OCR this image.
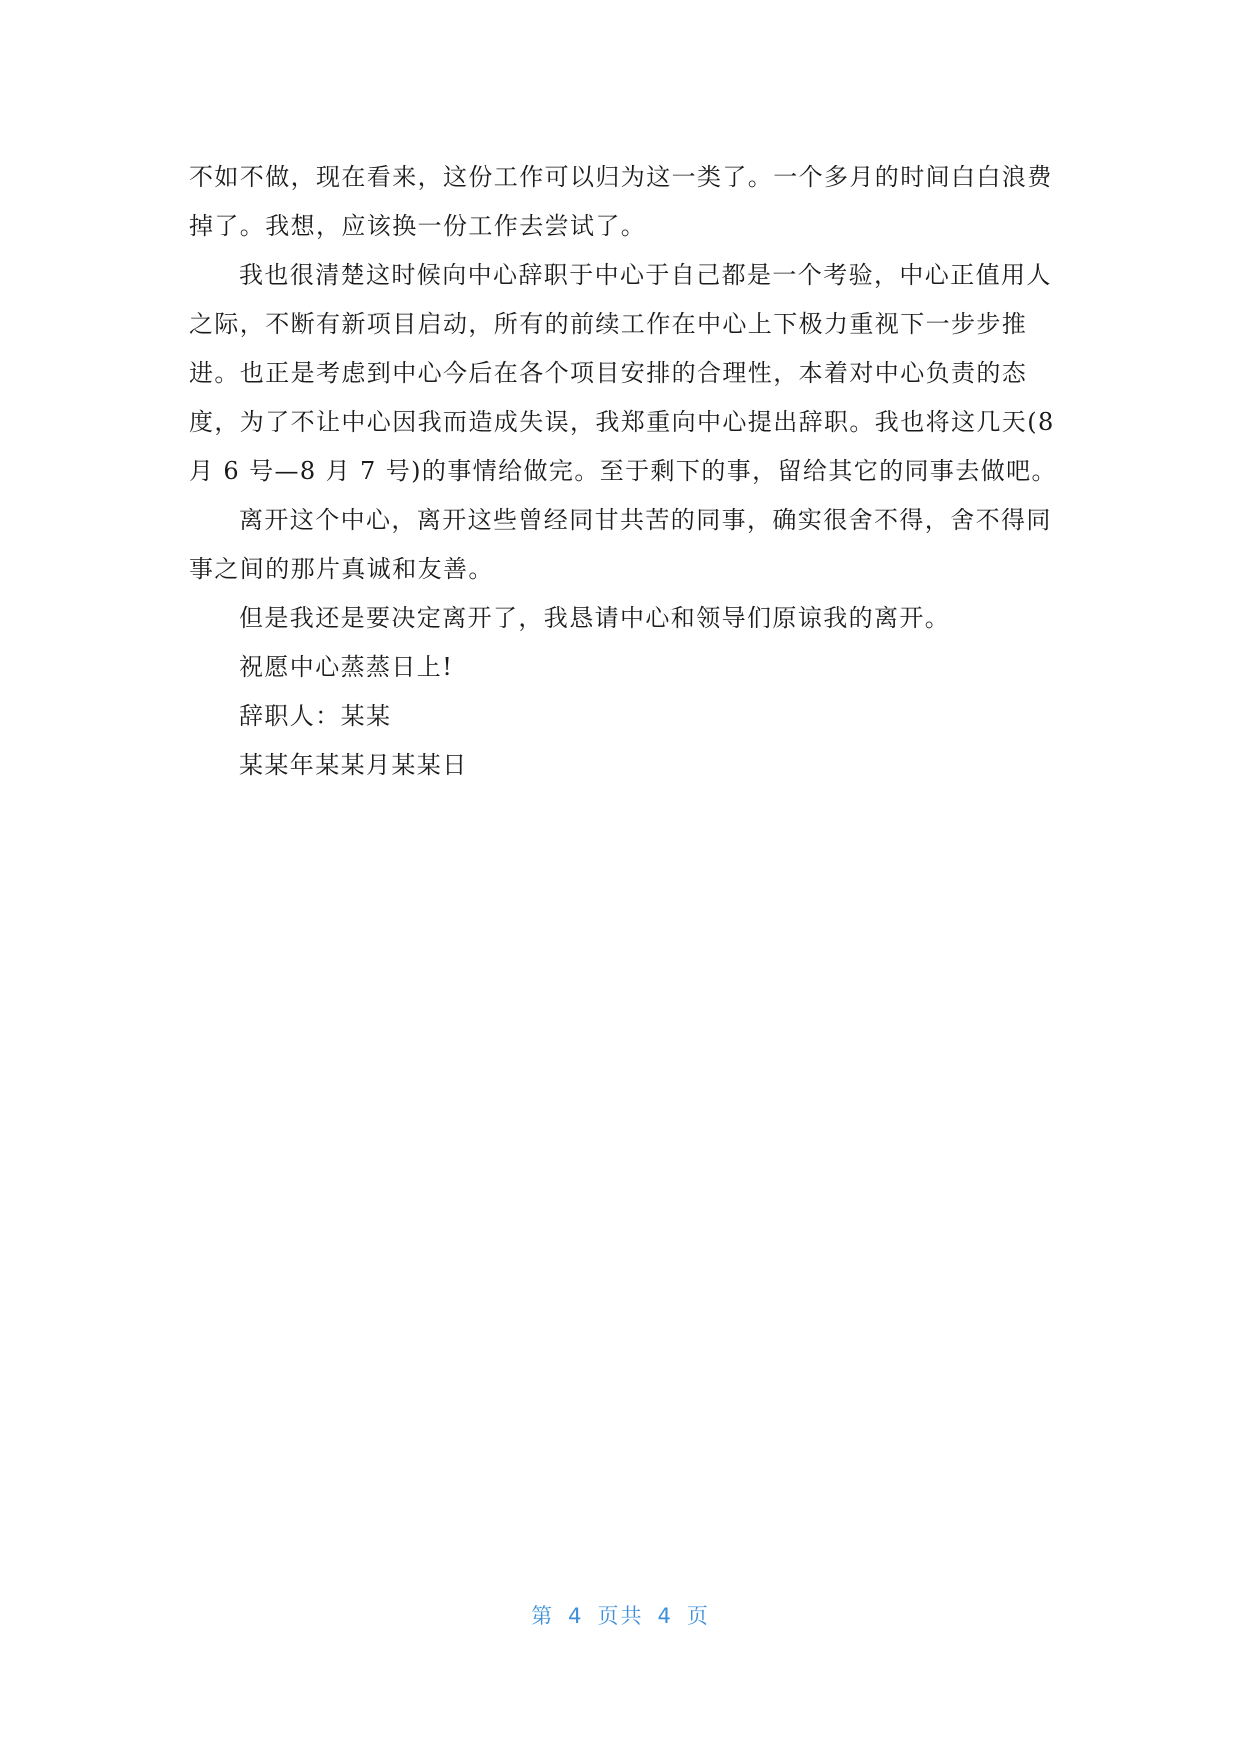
不如不做，现在看来，这份工作可以归为这一类了。一个多月的时间白白浪费

掉了。我想，应该换一份工作去尝试了。

我也很清楚这时候向中心辞职于中心于自己都是一个考验，中心正值用人

之际，不断有新项目启动，所有的前续工作在中心上下极力重视下一步步推

进。也正是考虑到中心今后在各个项目安排的合理性，本着对中心负责的态

度，为了不让中心因我而造成失误，我郑重向中心提出辞职。我也将这几天(8

月 6 号—8 月 7 号)的事情给做完。至于剩下的事，留给其它的同事去做吧。

离开这个中心，离开这些曾经同甘共苦的同事，确实很舍不得，舍不得同

事之间的那片真诚和友善。

但是我还是要决定离开了，我恳请中心和领导们原谅我的离开。

祝愿中心蒸蒸日上!

辞职人：某某

某某年某某月某某日

第 4 页共 4 页
